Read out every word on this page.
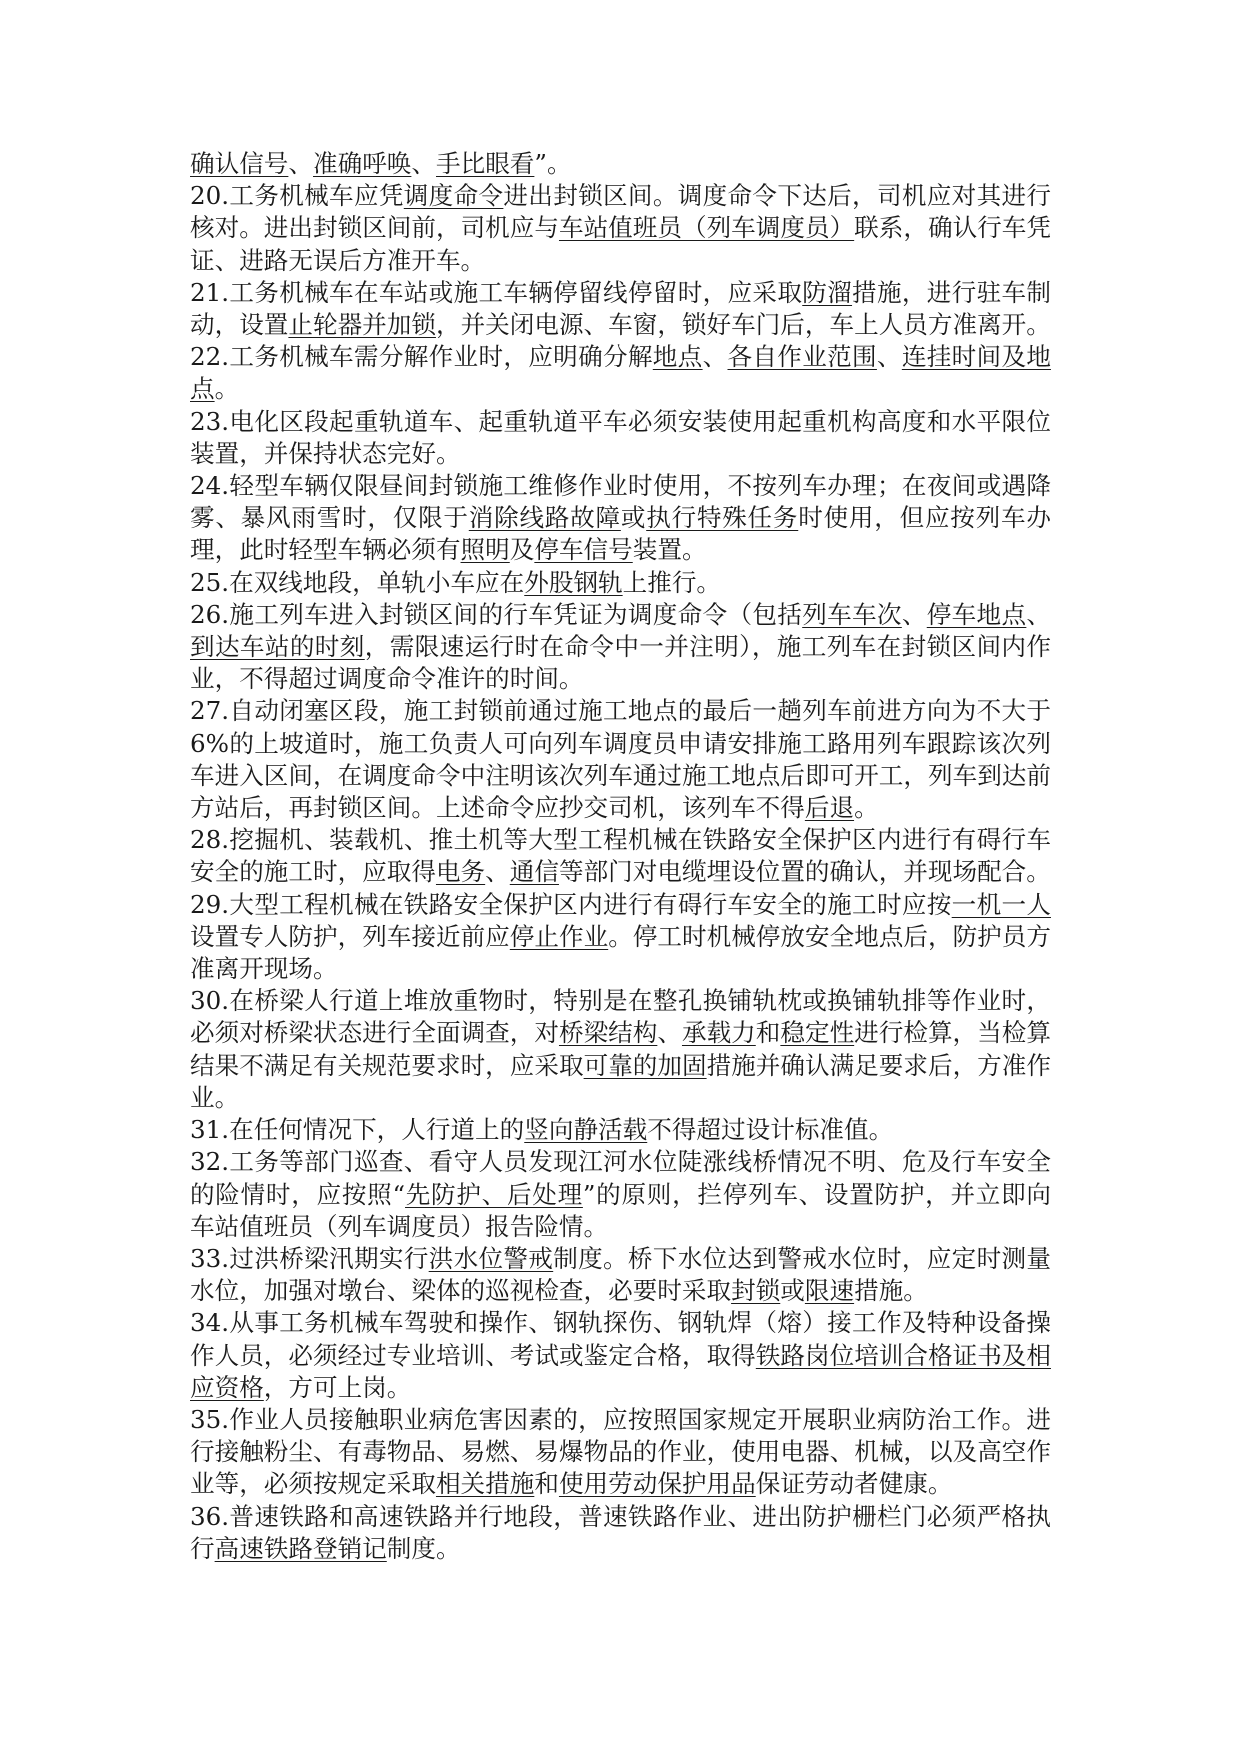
确认信号、准确呼唤、手比眼看”。

20.工务机械车应凭调度命令进出封锁区间。调度命令下达后，司机应对其进行核对。进出封锁区间前，司机应与车站值班员（列车调度员）联系，确认行车凭证、进路无误后方准开车。

21.工务机械车在车站或施工车辆停留线停留时，应采取防溜措施，进行驻车制动，设置止轮器并加锁，并关闭电源、车窗，锁好车门后，车上人员方准离开。

22.工务机械车需分解作业时，应明确分解地点、各自作业范围、连挂时间及地点。

23.电化区段起重轨道车、起重轨道平车必须安装使用起重机构高度和水平限位装置，并保持状态完好。

24.轻型车辆仅限昼间封锁施工维修作业时使用，不按列车办理；在夜间或遇降雾、暴风雨雪时，仅限于消除线路故障或执行特殊任务时使用，但应按列车办理，此时轻型车辆必须有照明及停车信号装置。

25.在双线地段，单轨小车应在外股钢轨上推行。

26.施工列车进入封锁区间的行车凭证为调度命令（包括列车车次、停车地点、到达车站的时刻，需限速运行时在命令中一并注明），施工列车在封锁区间内作业，不得超过调度命令准许的时间。

27.自动闭塞区段，施工封锁前通过施工地点的最后一趟列车前进方向为不大于6%的上坡道时，施工负责人可向列车调度员申请安排施工路用列车跟踪该次列车进入区间，在调度命令中注明该次列车通过施工地点后即可开工，列车到达前方站后，再封锁区间。上述命令应抄交司机，该列车不得后退。

28.挖掘机、装载机、推土机等大型工程机械在铁路安全保护区内进行有碍行车安全的施工时，应取得电务、通信等部门对电缆埋设位置的确认，并现场配合。

29.大型工程机械在铁路安全保护区内进行有碍行车安全的施工时应按一机一人设置专人防护，列车接近前应停止作业。停工时机械停放安全地点后，防护员方准离开现场。

30.在桥梁人行道上堆放重物时，特别是在整孔换铺轨枕或换铺轨排等作业时，必须对桥梁状态进行全面调查，对桥梁结构、承载力和稳定性进行检算，当检算结果不满足有关规范要求时，应采取可靠的加固措施并确认满足要求后，方准作业。

31.在任何情况下，人行道上的竖向静活载不得超过设计标准值。

32.工务等部门巡查、看守人员发现江河水位陡涨线桥情况不明、危及行车安全的险情时，应按照“先防护、后处理”的原则，拦停列车、设置防护，并立即向车站值班员（列车调度员）报告险情。

33.过洪桥梁汛期实行洪水位警戒制度。桥下水位达到警戒水位时，应定时测量水位，加强对墩台、梁体的巡视检查，必要时采取封锁或限速措施。

34.从事工务机械车驾驶和操作、钢轨探伤、钢轨焊（熔）接工作及特种设备操作人员，必须经过专业培训、考试或鉴定合格，取得铁路岗位培训合格证书及相应资格，方可上岗。

35.作业人员接触职业病危害因素的，应按照国家规定开展职业病防治工作。进行接触粉尘、有毒物品、易燃、易爆物品的作业，使用电器、机械，以及高空作业等，必须按规定采取相关措施和使用劳动保护用品保证劳动者健康。

36.普速铁路和高速铁路并行地段，普速铁路作业、进出防护栅栏门必须严格执行高速铁路登销记制度。
